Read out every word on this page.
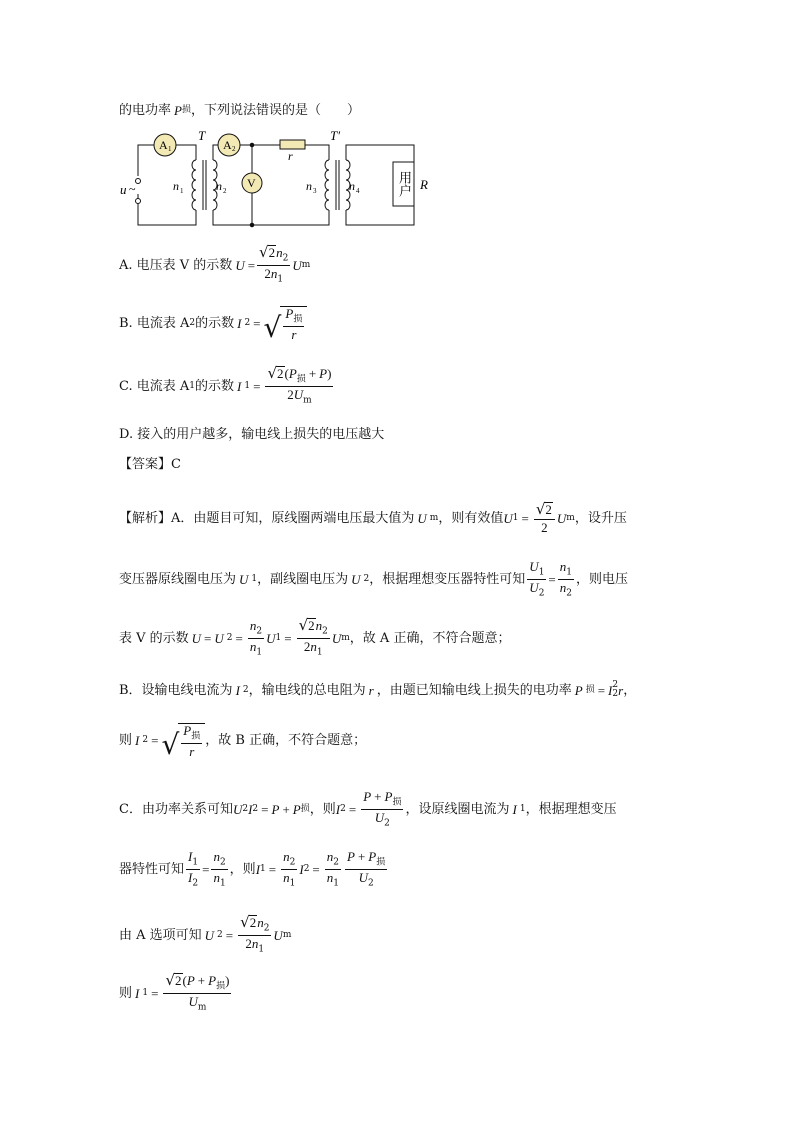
的电功率 P 损 ，下列说法错误的是（　　）
A 1	A 2
V
T	T′
r
u ~	n 1	n 2	n 3	n 4	用户 R
A. 电压表 V 的示数 $U = \frac{√ 2 n_2}{2n_1}$ U m
B. 电流表 A 2 的示数 I 2 = √ $\frac{P_损}{r}$
C. 电流表 A 1 的示数 I $1 = \frac{√ 2 (P_损 + P)}{2U_m}$
D. 接入的用户越多，输电线上损失的电压越大
【答案】 C
【解析】 A．由题目可知，原线圈两端电压最大值为 U m ，则有效值 U $1 = \frac{√ 2}{2}$ U m ，设升压
变压器原线圈电压为 U 1 ，副线圈电压为 U 2 ，根据理想变压器特性可知 $\frac{U_1}{U_2} = \frac{n_1}{n_2}$ ，则电压
表 V 的示数 U = U $2 = \frac{n_2}{n_1}$ U $1 = \frac{√ 2 n_2}{2n_1}$ U m ，故 A 正确，不符合题意；
B．设输电线电流为 I 2 ，输电线的总电阻为 r ，由题已知输电线上损失的电功率 P 损 = I 2
2 r ，
则 I 2 = √ $\frac{P_损}{r}$ ，故 B 正确，不符合题意；
C．由功率关系可知 U 2 I 2 = P + P 损 ，则 I $2 = \frac{P + P_损}{U_2}$ ，设原线圈电流为 I 1 ，根据理想变压
器特性可知 $\frac{I_1}{I_2} = \frac{n_2}{n_1}$ ，则 I $1 = \frac{n_2}{n_1}$ I $2 = \frac{n_2}{n_1} \frac{P + P_损}{U_2}$
由 A 选项可知 U $2 = \frac{√ 2 n_2}{2n_1}$ U m
则 I $1 = \frac{√ 2 (P + P_损)}{U_m}$
